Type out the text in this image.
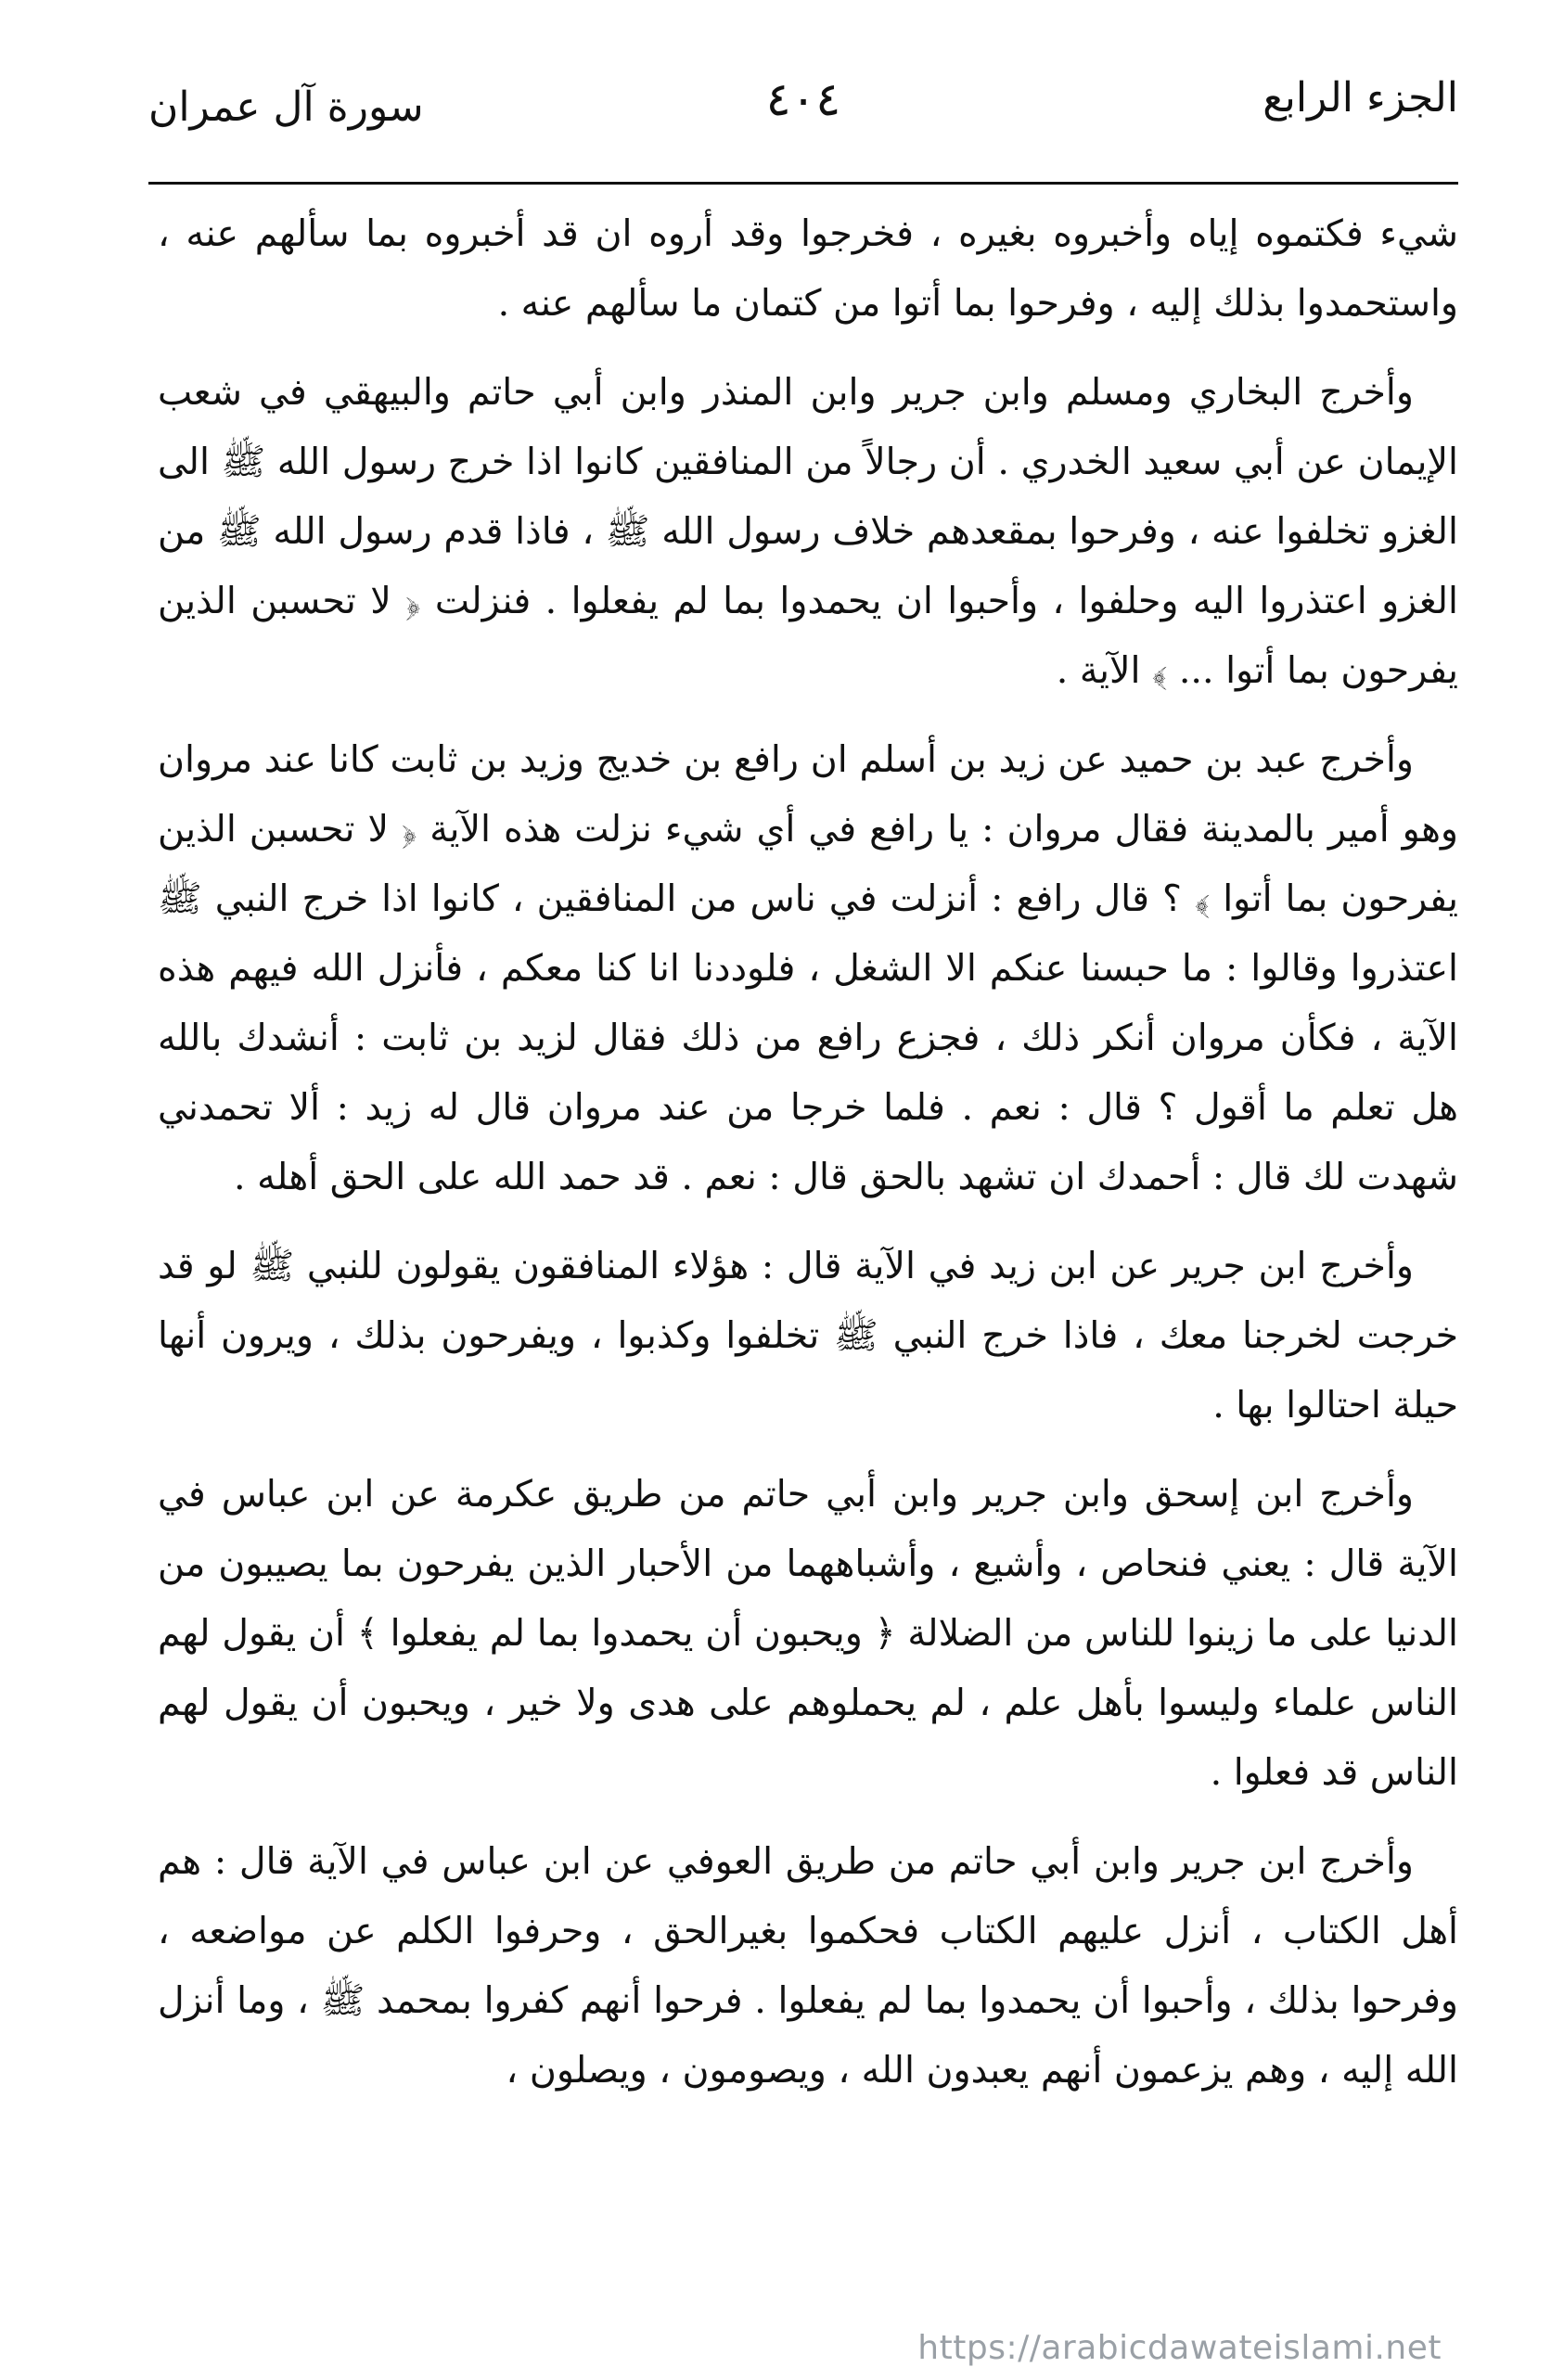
الجزء الرابع
٤٠٤
سورة آل عمران

شيء فكتموه إياه وأخبروه بغيره ، فخرجوا وقد أروه ان قد أخبروه بما سألهم عنه ، واستحمدوا بذلك إليه ، وفرحوا بما أتوا من كتمان ما سألهم عنه .

وأخرج البخاري ومسلم وابن جرير وابن المنذر وابن أبي حاتم والبيهقي في شعب الإيمان عن أبي سعيد الخدري . أن رجالاً من المنافقين كانوا اذا خرج رسول الله ﷺ الى الغزو تخلفوا عنه ، وفرحوا بمقعدهم خلاف رسول الله ﷺ ، فاذا قدم رسول الله ﷺ من الغزو اعتذروا اليه وحلفوا ، وأحبوا ان يحمدوا بما لم يفعلوا . فنزلت ﴿ لا تحسبن الذين يفرحون بما أتوا ... ﴾ الآية .

وأخرج عبد بن حميد عن زيد بن أسلم ان رافع بن خديج وزيد بن ثابت كانا عند مروان وهو أمير بالمدينة فقال مروان : يا رافع في أي شيء نزلت هذه الآية ﴿ لا تحسبن الذين يفرحون بما أتوا ﴾ ؟ قال رافع : أنزلت في ناس من المنافقين ، كانوا اذا خرج النبي ﷺ اعتذروا وقالوا : ما حبسنا عنكم الا الشغل ، فلوددنا انا كنا معكم ، فأنزل الله فيهم هذه الآية ، فكأن مروان أنكر ذلك ، فجزع رافع من ذلك فقال لزيد بن ثابت : أنشدك بالله هل تعلم ما أقول ؟ قال : نعم . فلما خرجا من عند مروان قال له زيد : ألا تحمدني شهدت لك قال : أحمدك ان تشهد بالحق قال : نعم . قد حمد الله على الحق أهله .

وأخرج ابن جرير عن ابن زيد في الآية قال : هؤلاء المنافقون يقولون للنبي ﷺ لو قد خرجت لخرجنا معك ، فاذا خرج النبي ﷺ تخلفوا وكذبوا ، ويفرحون بذلك ، ويرون أنها حيلة احتالوا بها .

وأخرج ابن إسحق وابن جرير وابن أبي حاتم من طريق عكرمة عن ابن عباس في الآية قال : يعني فنحاص ، وأشيع ، وأشباههما من الأحبار الذين يفرحون بما يصيبون من الدنيا على ما زينوا للناس من الضلالة ﴿ ويحبون أن يحمدوا بما لم يفعلوا ﴾ أن يقول لهم الناس علماء وليسوا بأهل علم ، لم يحملوهم على هدى ولا خير ، ويحبون أن يقول لهم الناس قد فعلوا .

وأخرج ابن جرير وابن أبي حاتم من طريق العوفي عن ابن عباس في الآية قال : هم أهل الكتاب ، أنزل عليهم الكتاب فحكموا بغيرالحق ، وحرفوا الكلم عن مواضعه ، وفرحوا بذلك ، وأحبوا أن يحمدوا بما لم يفعلوا . فرحوا أنهم كفروا بمحمد ﷺ ، وما أنزل الله إليه ، وهم يزعمون أنهم يعبدون الله ، ويصومون ، ويصلون ،

https://arabicdawateislami.net
